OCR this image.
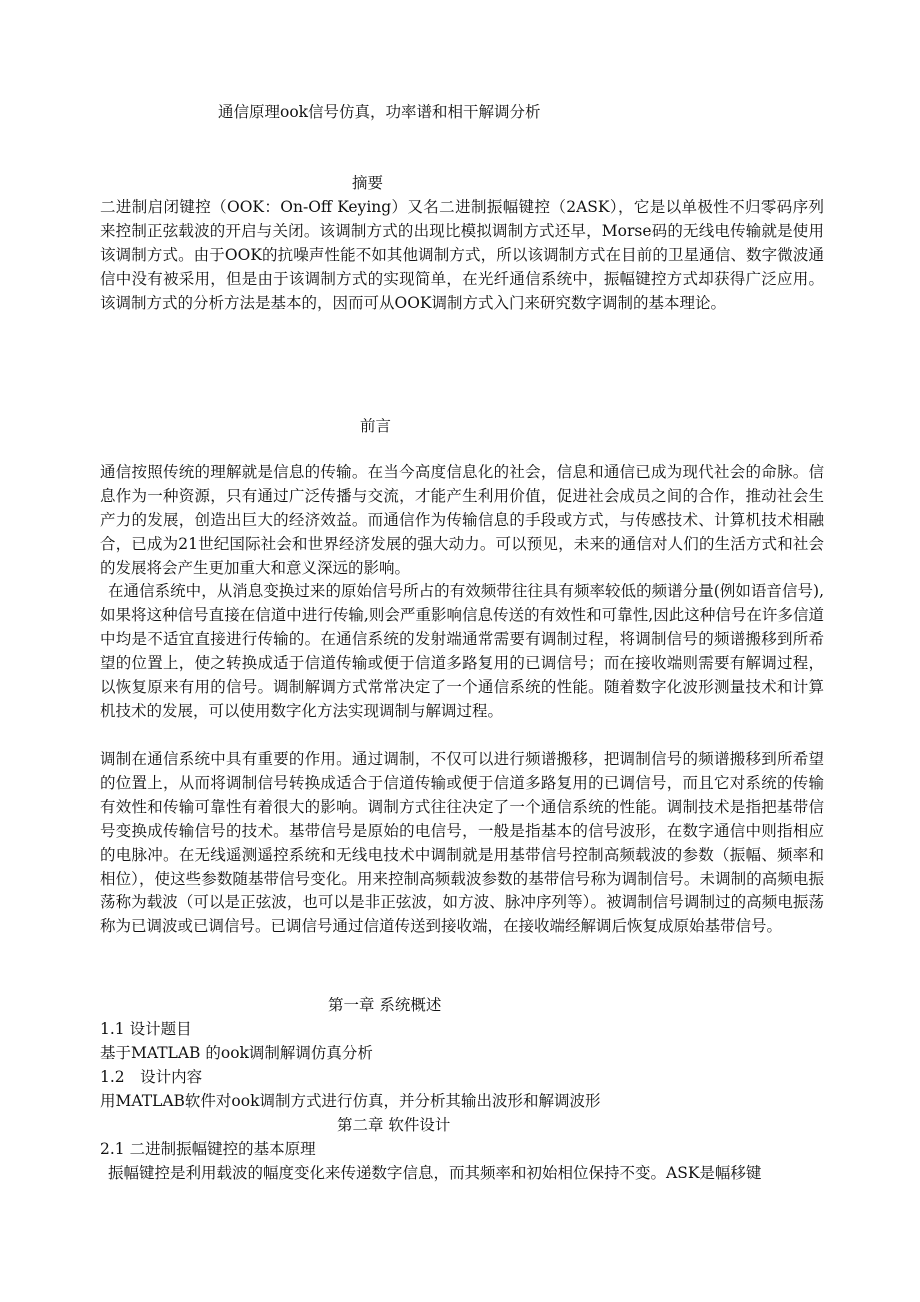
通信原理ook信号仿真，功率谱和相干解调分析
摘要
二进制启闭键控（OOK：On-Off Keying）又名二进制振幅键控（2ASK），它是以单极性不归零码序列来控制正弦载波的开启与关闭。该调制方式的出现比模拟调制方式还早，Morse码的无线电传输就是使用该调制方式。由于OOK的抗噪声性能不如其他调制方式，所以该调制方式在目前的卫星通信、数字微波通信中没有被采用，但是由于该调制方式的实现简单，在光纤通信系统中，振幅键控方式却获得广泛应用。该调制方式的分析方法是基本的，因而可从OOK调制方式入门来研究数字调制的基本理论。
前言
通信按照传统的理解就是信息的传输。在当今高度信息化的社会，信息和通信已成为现代社会的命脉。信息作为一种资源，只有通过广泛传播与交流，才能产生利用价值，促进社会成员之间的合作，推动社会生产力的发展，创造出巨大的经济效益。而通信作为传输信息的手段或方式，与传感技术、计算机技术相融合，已成为21世纪国际社会和世界经济发展的强大动力。可以预见，未来的通信对人们的生活方式和社会的发展将会产生更加重大和意义深远的影响。
在通信系统中，从消息变换过来的原始信号所占的有效频带往往具有频率较低的频谱分量(例如语音信号),如果将这种信号直接在信道中进行传输,则会严重影响信息传送的有效性和可靠性,因此这种信号在许多信道中均是不适宜直接进行传输的。在通信系统的发射端通常需要有调制过程，将调制信号的频谱搬移到所希望的位置上，使之转换成适于信道传输或便于信道多路复用的已调信号；而在接收端则需要有解调过程，以恢复原来有用的信号。调制解调方式常常决定了一个通信系统的性能。随着数字化波形测量技术和计算机技术的发展，可以使用数字化方法实现调制与解调过程。
调制在通信系统中具有重要的作用。通过调制，不仅可以进行频谱搬移，把调制信号的频谱搬移到所希望的位置上，从而将调制信号转换成适合于信道传输或便于信道多路复用的已调信号，而且它对系统的传输有效性和传输可靠性有着很大的影响。调制方式往往决定了一个通信系统的性能。调制技术是指把基带信号变换成传输信号的技术。基带信号是原始的电信号，一般是指基本的信号波形，在数字通信中则指相应的电脉冲。在无线遥测遥控系统和无线电技术中调制就是用基带信号控制高频载波的参数（振幅、频率和相位），使这些参数随基带信号变化。用来控制高频载波参数的基带信号称为调制信号。未调制的高频电振荡称为载波（可以是正弦波，也可以是非正弦波，如方波、脉冲序列等）。被调制信号调制过的高频电振荡称为已调波或已调信号。已调信号通过信道传送到接收端，在接收端经解调后恢复成原始基带信号。
第一章 系统概述
1.1 设计题目
基于MATLAB 的ook调制解调仿真分析
1.2　设计内容
用MATLAB软件对ook调制方式进行仿真，并分析其输出波形和解调波形
第二章 软件设计
2.1 二进制振幅键控的基本原理
振幅键控是利用载波的幅度变化来传递数字信息，而其频率和初始相位保持不变。ASK是幅移键
